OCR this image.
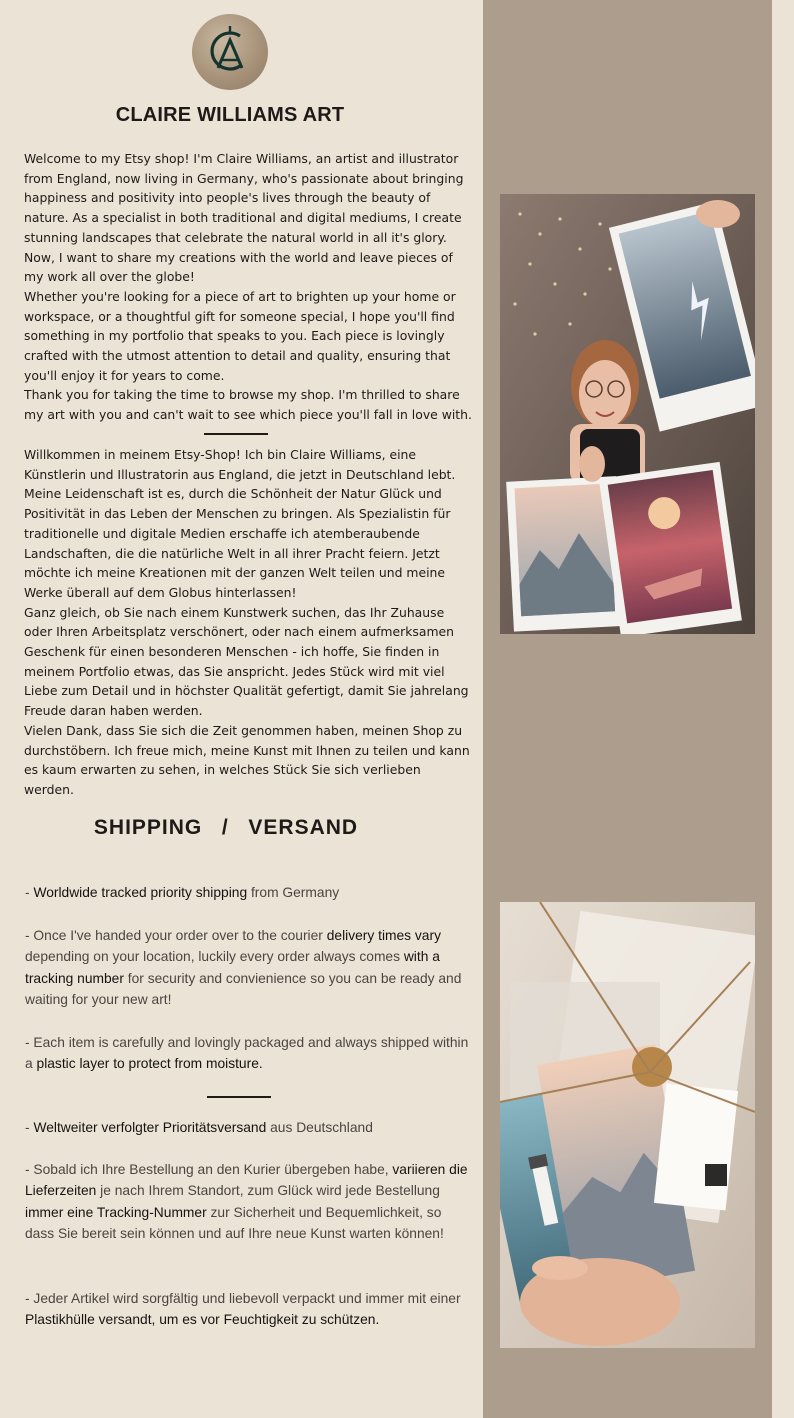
CLAIRE WILLIAMS ART

Welcome to my Etsy shop! I'm Claire Williams, an artist and illustrator from England, now living in Germany, who's passionate about bringing happiness and positivity into people's lives through the beauty of nature. As a specialist in both traditional and digital mediums, I create stunning landscapes that celebrate the natural world in all it's glory. Now, I want to share my creations with the world and leave pieces of my work all over the globe!

Whether you're looking for a piece of art to brighten up your home or workspace, or a thoughtful gift for someone special, I hope you'll find something in my portfolio that speaks to you. Each piece is lovingly crafted with the utmost attention to detail and quality, ensuring that you'll enjoy it for years to come.

Thank you for taking the time to browse my shop. I'm thrilled to share my art with you and can't wait to see which piece you'll fall in love with.

Willkommen in meinem Etsy-Shop! Ich bin Claire Williams, eine Künstlerin und Illustratorin aus England, die jetzt in Deutschland lebt. Meine Leidenschaft ist es, durch die Schönheit der Natur Glück und Positivität in das Leben der Menschen zu bringen. Als Spezialistin für traditionelle und digitale Medien erschaffe ich atemberaubende Landschaften, die die natürliche Welt in all ihrer Pracht feiern. Jetzt möchte ich meine Kreationen mit der ganzen Welt teilen und meine Werke überall auf dem Globus hinterlassen!

Ganz gleich, ob Sie nach einem Kunstwerk suchen, das Ihr Zuhause oder Ihren Arbeitsplatz verschönert, oder nach einem aufmerksamen Geschenk für einen besonderen Menschen - ich hoffe, Sie finden in meinem Portfolio etwas, das Sie anspricht. Jedes Stück wird mit viel Liebe zum Detail und in höchster Qualität gefertigt, damit Sie jahrelang Freude daran haben werden.

Vielen Dank, dass Sie sich die Zeit genommen haben, meinen Shop zu durchstöbern. Ich freue mich, meine Kunst mit Ihnen zu teilen und kann es kaum erwarten zu sehen, in welches Stück Sie sich verlieben werden.

SHIPPING  /  VERSAND
- Worldwide tracked priority shipping from Germany
- Once I've handed your order over to the courier delivery times vary depending on your location, luckily every order always comes with a tracking number for security and convienience so you can be ready and waiting for your new art!
- Each item is carefully and lovingly packaged and always shipped within a plastic layer to protect from moisture.
- Weltweiter verfolgter Prioritätsversand aus Deutschland
- Sobald ich Ihre Bestellung an den Kurier übergeben habe, variieren die Lieferzeiten je nach Ihrem Standort, zum Glück wird jede Bestellung immer eine Tracking-Nummer zur Sicherheit und Bequemlichkeit, so dass Sie bereit sein können und auf Ihre neue Kunst warten können!
- Jeder Artikel wird sorgfältig und liebevoll verpackt und immer mit einer Plastikhülle versandt, um es vor Feuchtigkeit zu schützen.
